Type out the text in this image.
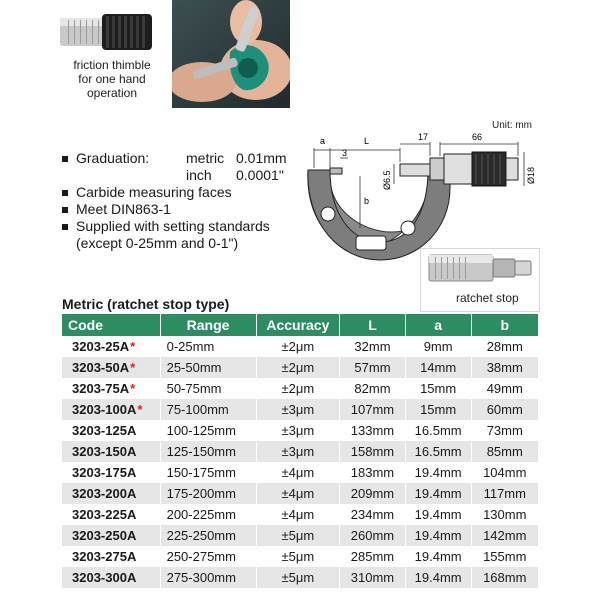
friction thimble
for one hand
operation
Unit: mm
Graduation:	metric 0.01mm
inch	0.0001"
Carbide measuring faces
Meet DIN863-1
Supplied with setting standards
(except 0-25mm and 0-1")
a	L	17	66
3
b
Ø6.5	Ø18
ratchet stop
Metric (ratchet stop type)
Code	Range	Accuracy	L	a	b
3203-25A*	0-25mm	±2μm	32mm	9mm	28mm
3203-50A*	25-50mm	±2μm	57mm	14mm	38mm
3203-75A*	50-75mm	±2μm	82mm	15mm	49mm
3203-100A*	75-100mm	±3μm	107mm	15mm	60mm
3203-125A	100-125mm	±3μm	133mm	16.5mm	73mm
3203-150A	125-150mm	±3μm	158mm	16.5mm	85mm
3203-175A	150-175mm	±4μm	183mm	19.4mm	104mm
3203-200A	175-200mm	±4μm	209mm	19.4mm	117mm
3203-225A	200-225mm	±4μm	234mm	19.4mm	130mm
3203-250A	225-250mm	±5μm	260mm	19.4mm	142mm
3203-275A	250-275mm	±5μm	285mm	19.4mm	155mm
3203-300A	275-300mm	±5μm	310mm	19.4mm	168mm
